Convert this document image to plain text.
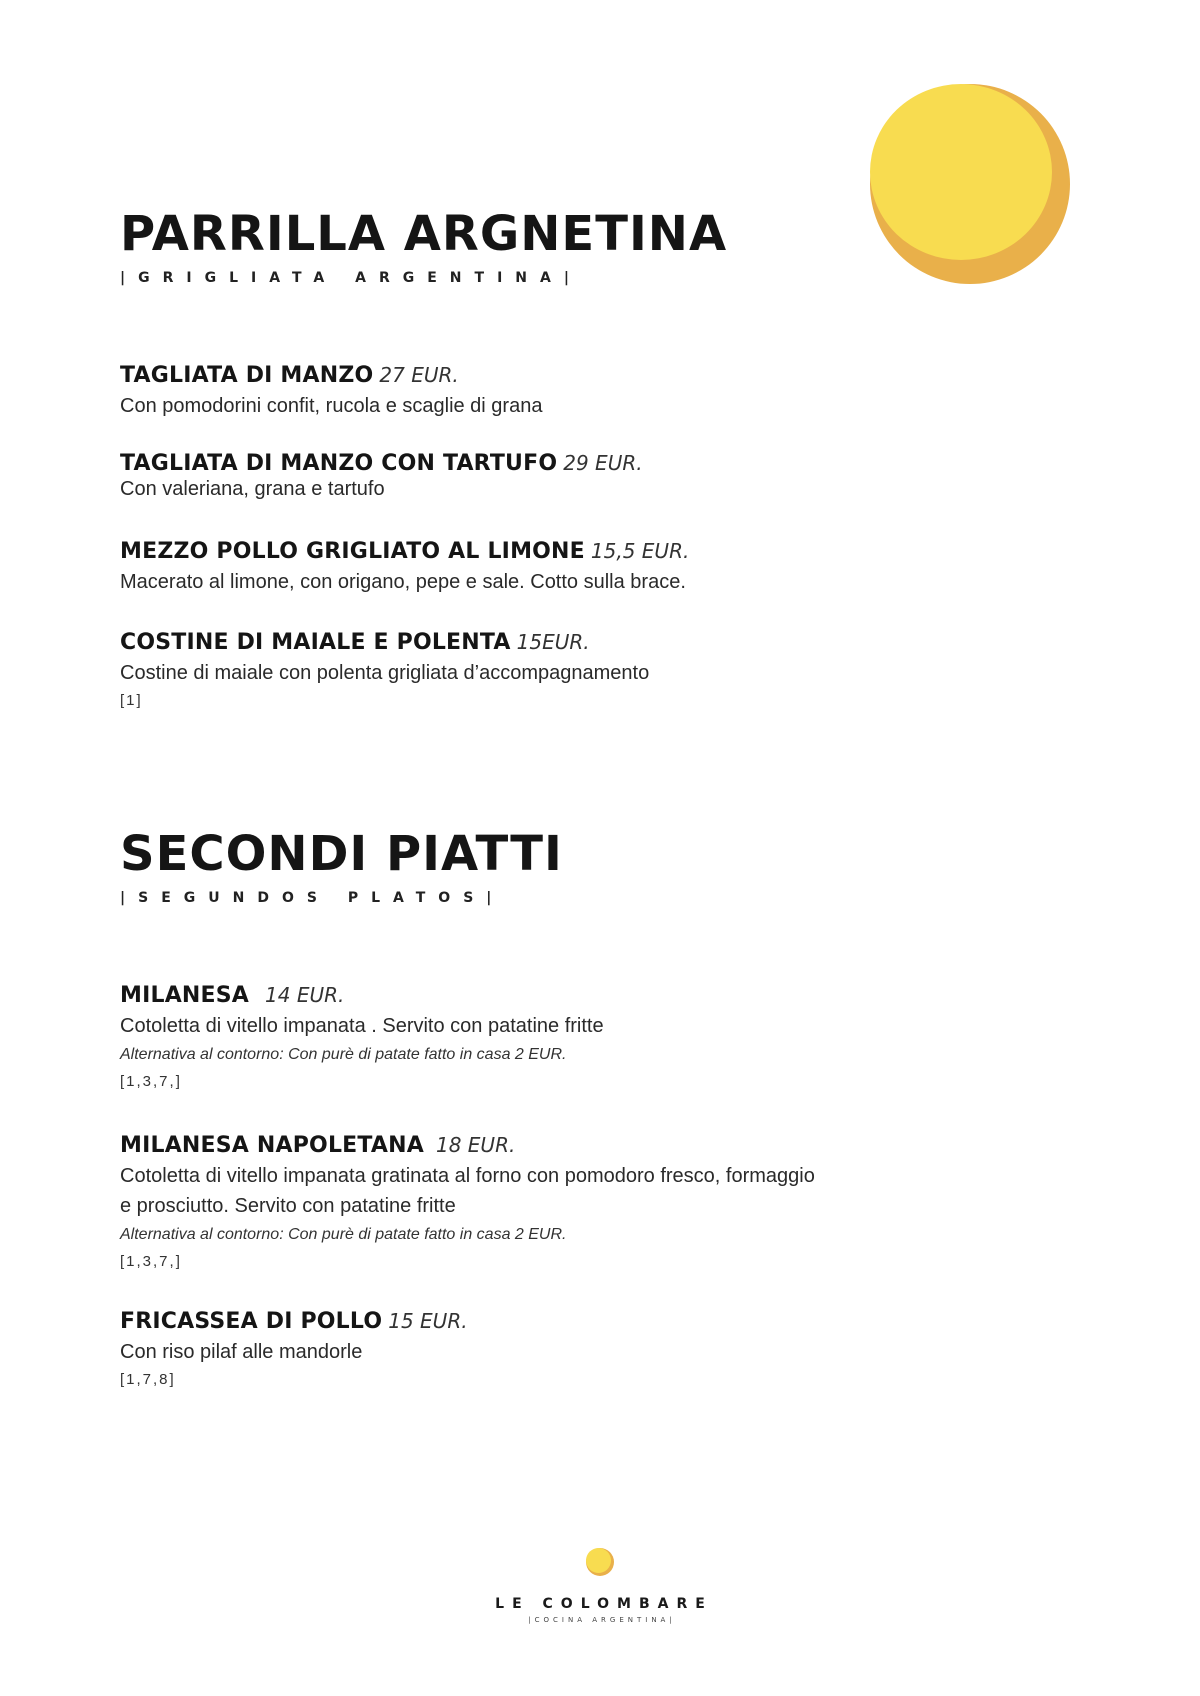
PARRILLA ARGNETINA
|GRIGLIATA ARGENTINA|
TAGLIATA DI MANZO 27 EUR.
Con pomodorini confit, rucola e scaglie di grana
TAGLIATA DI MANZO CON TARTUFO 29 EUR.
Con valeriana, grana e tartufo
MEZZO POLLO GRIGLIATO AL LIMONE 15,5 EUR.
Macerato al limone, con origano, pepe e sale. Cotto sulla brace.
COSTINE DI MAIALE E POLENTA 15EUR.
Costine di maiale con polenta grigliata d’accompagnamento
[1]
SECONDI PIATTI
|SEGUNDOS PLATOS|
MILANESA 14 EUR.
Cotoletta di vitello impanata . Servito con patatine fritte
Alternativa al contorno: Con purè di patate fatto in casa 2 EUR.
[1,3,7,]
MILANESA NAPOLETANA 18 EUR.
Cotoletta di vitello impanata gratinata al forno con pomodoro fresco, formaggio
e prosciutto. Servito con patatine fritte
Alternativa al contorno: Con purè di patate fatto in casa 2 EUR.
[1,3,7,]
FRICASSEA DI POLLO 15 EUR.
Con riso pilaf alle mandorle
[1,7,8]
LE COLOMBARE
|COCINA ARGENTINA|
